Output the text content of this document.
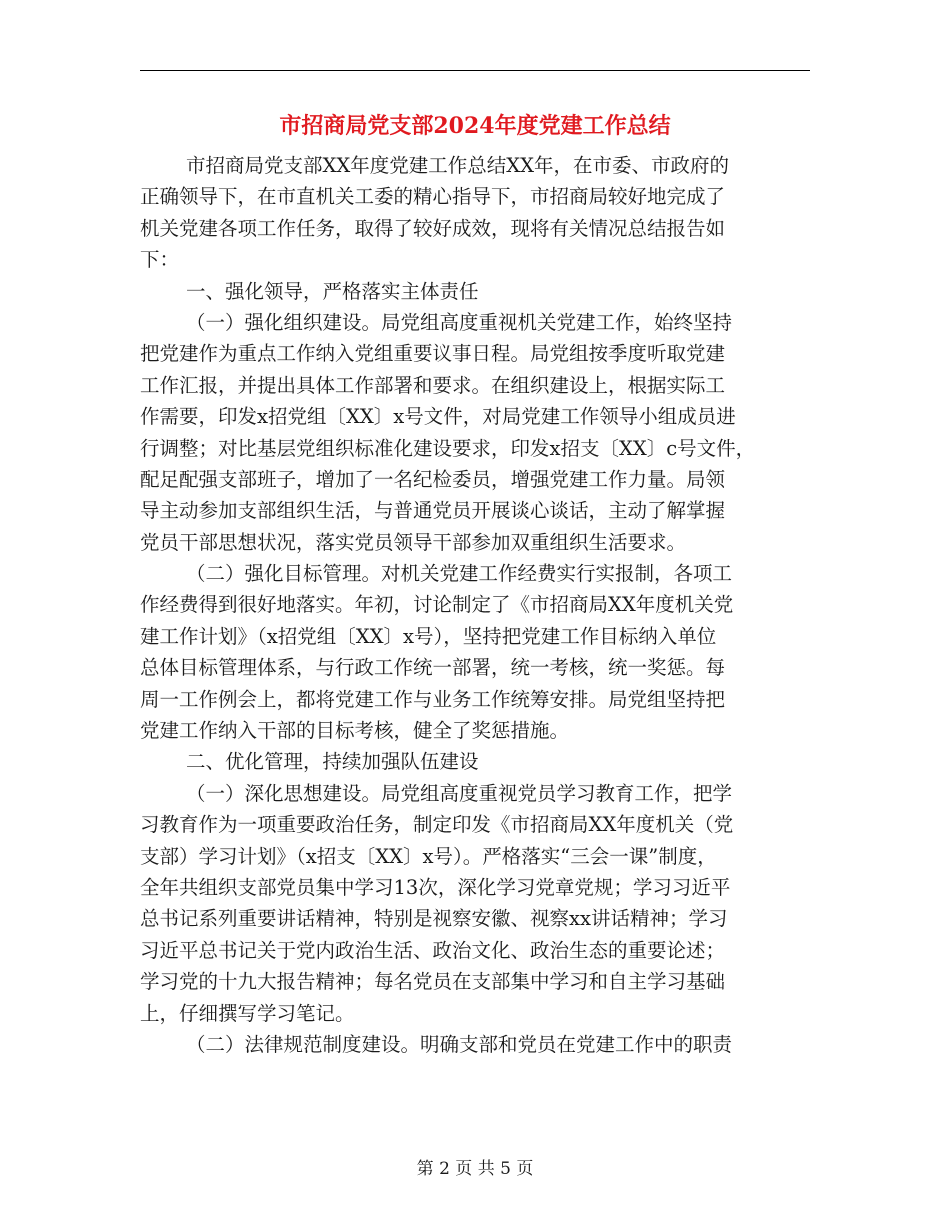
市招商局党支部2024年度党建工作总结
市招商局党支部XX年度党建工作总结XX年，在市委、市政府的
正确领导下，在市直机关工委的精心指导下，市招商局较好地完成了
机关党建各项工作任务，取得了较好成效，现将有关情况总结报告如
下：
一、强化领导，严格落实主体责任
（一）强化组织建设。局党组高度重视机关党建工作，始终坚持
把党建作为重点工作纳入党组重要议事日程。局党组按季度听取党建
工作汇报，并提出具体工作部署和要求。在组织建设上，根据实际工
作需要，印发x招党组〔XX〕x号文件，对局党建工作领导小组成员进
行调整；对比基层党组织标准化建设要求，印发x招支〔XX〕c号文件，
配足配强支部班子，增加了一名纪检委员，增强党建工作力量。局领
导主动参加支部组织生活，与普通党员开展谈心谈话，主动了解掌握
党员干部思想状况，落实党员领导干部参加双重组织生活要求。
（二）强化目标管理。对机关党建工作经费实行实报制，各项工
作经费得到很好地落实。年初，讨论制定了《市招商局XX年度机关党
建工作计划》（x招党组〔XX〕x号），坚持把党建工作目标纳入单位
总体目标管理体系，与行政工作统一部署，统一考核，统一奖惩。每
周一工作例会上，都将党建工作与业务工作统筹安排。局党组坚持把
党建工作纳入干部的目标考核，健全了奖惩措施。
二、优化管理，持续加强队伍建设
（一）深化思想建设。局党组高度重视党员学习教育工作，把学
习教育作为一项重要政治任务，制定印发《市招商局XX年度机关（党
支部）学习计划》（x招支〔XX〕x号）。严格落实“三会一课”制度，
全年共组织支部党员集中学习13次，深化学习党章党规；学习习近平
总书记系列重要讲话精神，特别是视察安徽、视察xx讲话精神；学习
习近平总书记关于党内政治生活、政治文化、政治生态的重要论述；
学习党的十九大报告精神；每名党员在支部集中学习和自主学习基础
上，仔细撰写学习笔记。
（二）法律规范制度建设。明确支部和党员在党建工作中的职责
第 2 页 共 5 页
